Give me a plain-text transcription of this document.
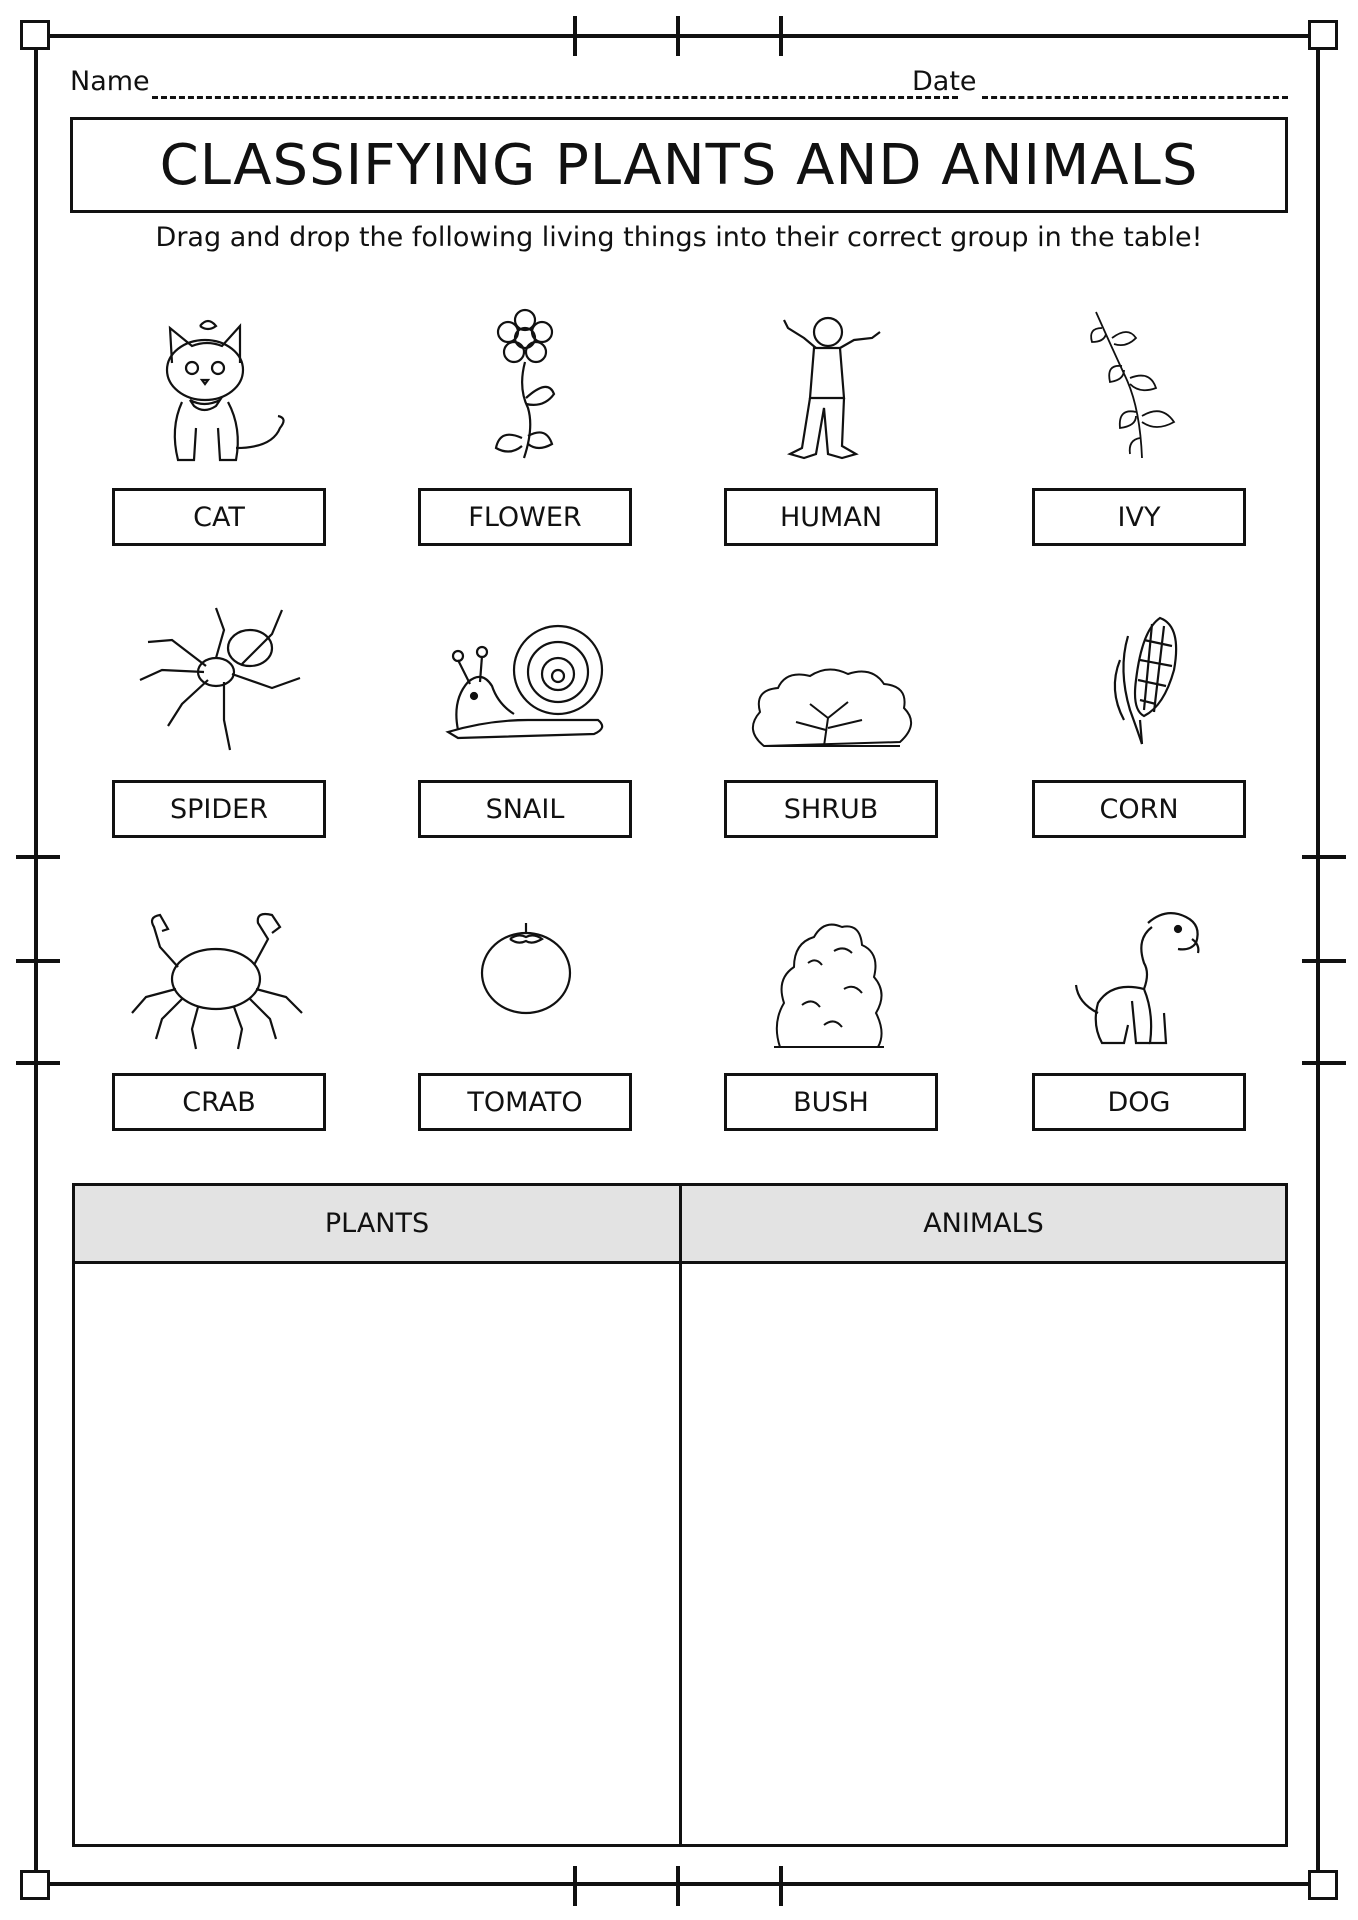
Name	Date
CLASSIFYING PLANTS AND ANIMALS
Drag and drop the following living things into their correct group in the table!
CAT	FLOWER	HUMAN	IVY
SPIDER	SNAIL	SHRUB	CORN
CRAB	TOMATO	BUSH	DOG
PLANTS	ANIMALS
